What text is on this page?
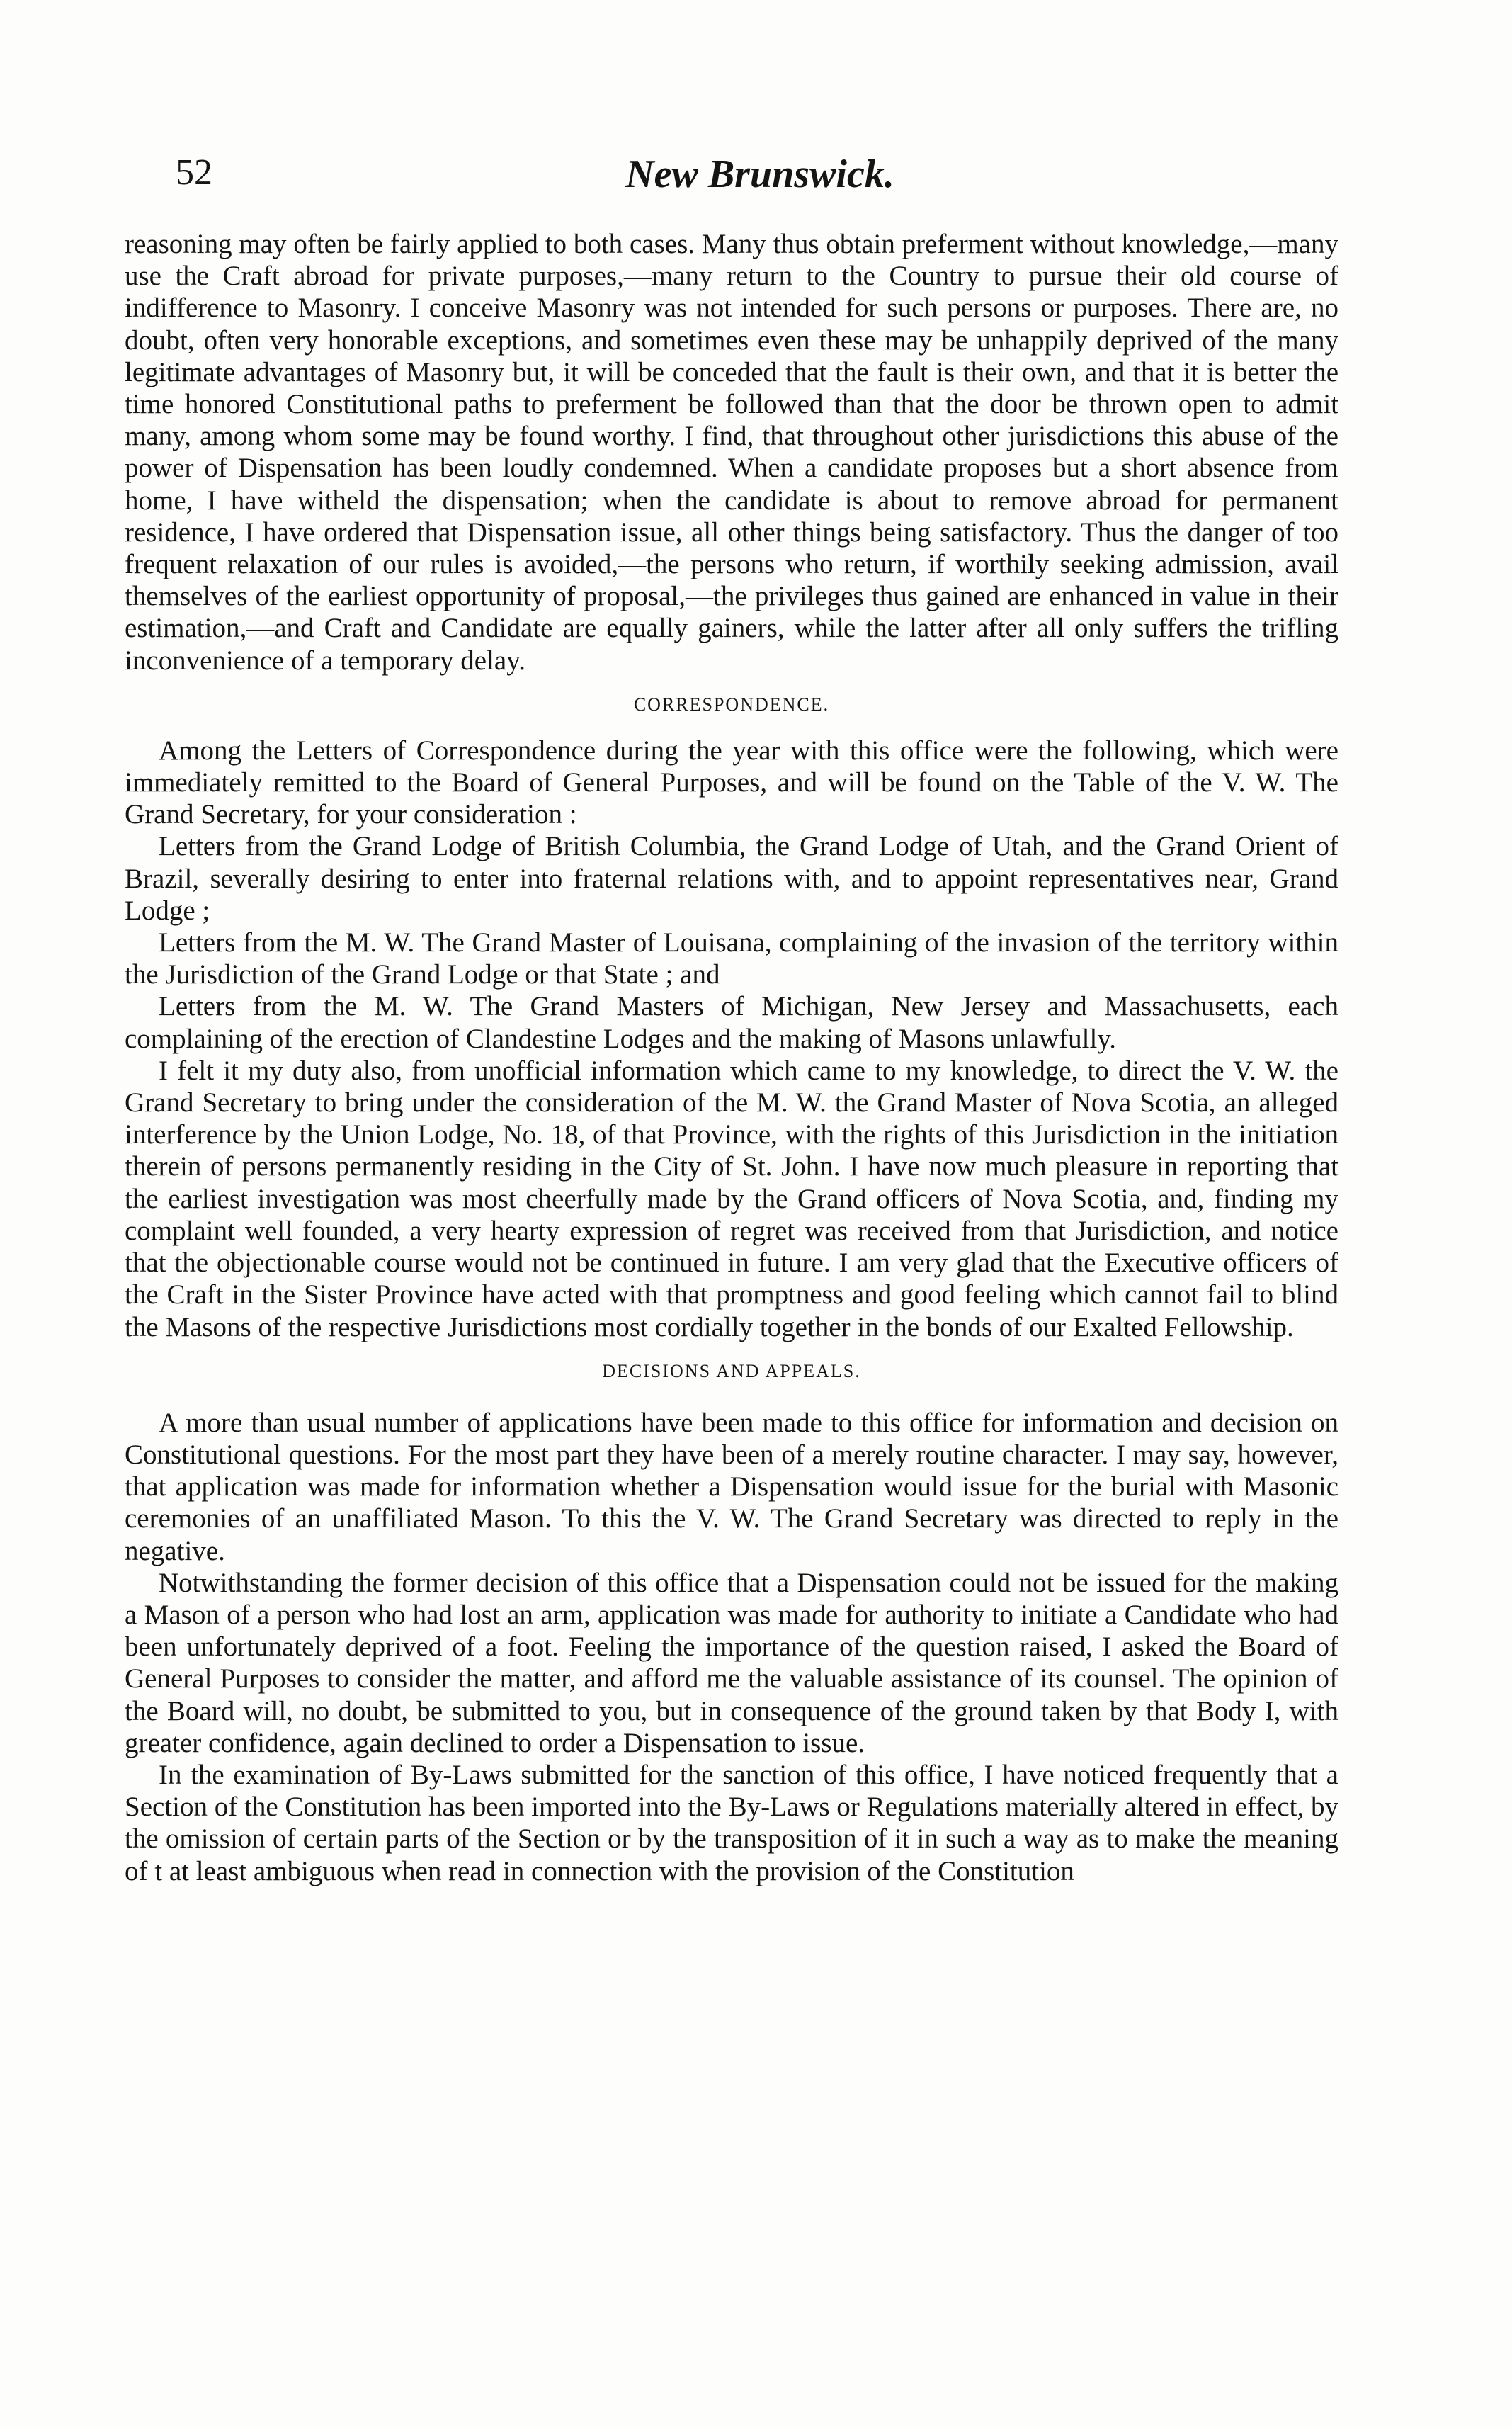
52	New Brunswick.

reasoning may often be fairly applied to both cases. Many thus obtain preferment without knowledge,—many use the Craft abroad for private purposes,—many return to the Country to pursue their old course of indifference to Masonry. I conceive Masonry was not intended for such persons or purposes. There are, no doubt, often very honorable exceptions, and sometimes even these may be unhappily deprived of the many legitimate advantages of Masonry but, it will be conceded that the fault is their own, and that it is better the time honored Constitutional paths to preferment be followed than that the door be thrown open to admit many, among whom some may be found worthy. I find, that throughout other jurisdictions this abuse of the power of Dispensation has been loudly condemned. When a candidate proposes but a short absence from home, I have witheld the dispensation; when the candidate is about to remove abroad for permanent residence, I have ordered that Dispensation issue, all other things being satisfactory. Thus the danger of too frequent relaxation of our rules is avoided,—the persons who return, if worthily seeking admission, avail themselves of the earliest opportunity of proposal,—the privileges thus gained are enhanced in value in their estimation,—and Craft and Candidate are equally gainers, while the latter after all only suffers the trifling inconvenience of a temporary delay.

CORRESPONDENCE.

Among the Letters of Correspondence during the year with this office were the following, which were immediately remitted to the Board of General Purposes, and will be found on the Table of the V. W. The Grand Secretary, for your consideration :

Letters from the Grand Lodge of British Columbia, the Grand Lodge of Utah, and the Grand Orient of Brazil, severally desiring to enter into fraternal relations with, and to appoint representatives near, Grand Lodge ;

Letters from the M. W. The Grand Master of Louisana, complaining of the invasion of the territory within the Jurisdiction of the Grand Lodge or that State ; and

Letters from the M. W. The Grand Masters of Michigan, New Jersey and Massachusetts, each complaining of the erection of Clandestine Lodges and the making of Masons unlawfully.

I felt it my duty also, from unofficial information which came to my knowledge, to direct the V. W. the Grand Secretary to bring under the consideration of the M. W. the Grand Master of Nova Scotia, an alleged interference by the Union Lodge, No. 18, of that Province, with the rights of this Jurisdiction in the initiation therein of persons permanently residing in the City of St. John. I have now much pleasure in reporting that the earliest investigation was most cheerfully made by the Grand officers of Nova Scotia, and, finding my complaint well founded, a very hearty expression of regret was received from that Jurisdiction, and notice that the objectionable course would not be continued in future. I am very glad that the Executive officers of the Craft in the Sister Province have acted with that promptness and good feeling which cannot fail to blind the Masons of the respective Jurisdictions most cordially together in the bonds of our Exalted Fellowship.

DECISIONS AND APPEALS.

A more than usual number of applications have been made to this office for information and decision on Constitutional questions. For the most part they have been of a merely routine character. I may say, however, that application was made for information whether a Dispensation would issue for the burial with Masonic ceremonies of an unaffiliated Mason. To this the V. W. The Grand Secretary was directed to reply in the negative.

Notwithstanding the former decision of this office that a Dispensation could not be issued for the making a Mason of a person who had lost an arm, application was made for authority to initiate a Candidate who had been unfortunately deprived of a foot. Feeling the importance of the question raised, I asked the Board of General Purposes to consider the matter, and afford me the valuable assistance of its counsel. The opinion of the Board will, no doubt, be submitted to you, but in consequence of the ground taken by that Body I, with greater confidence, again declined to order a Dispensation to issue.

In the examination of By-Laws submitted for the sanction of this office, I have noticed frequently that a Section of the Constitution has been imported into the By-Laws or Regulations materially altered in effect, by the omission of certain parts of the Section or by the transposition of it in such a way as to make the meaning of t at least ambiguous when read in connection with the provision of the Constitution
